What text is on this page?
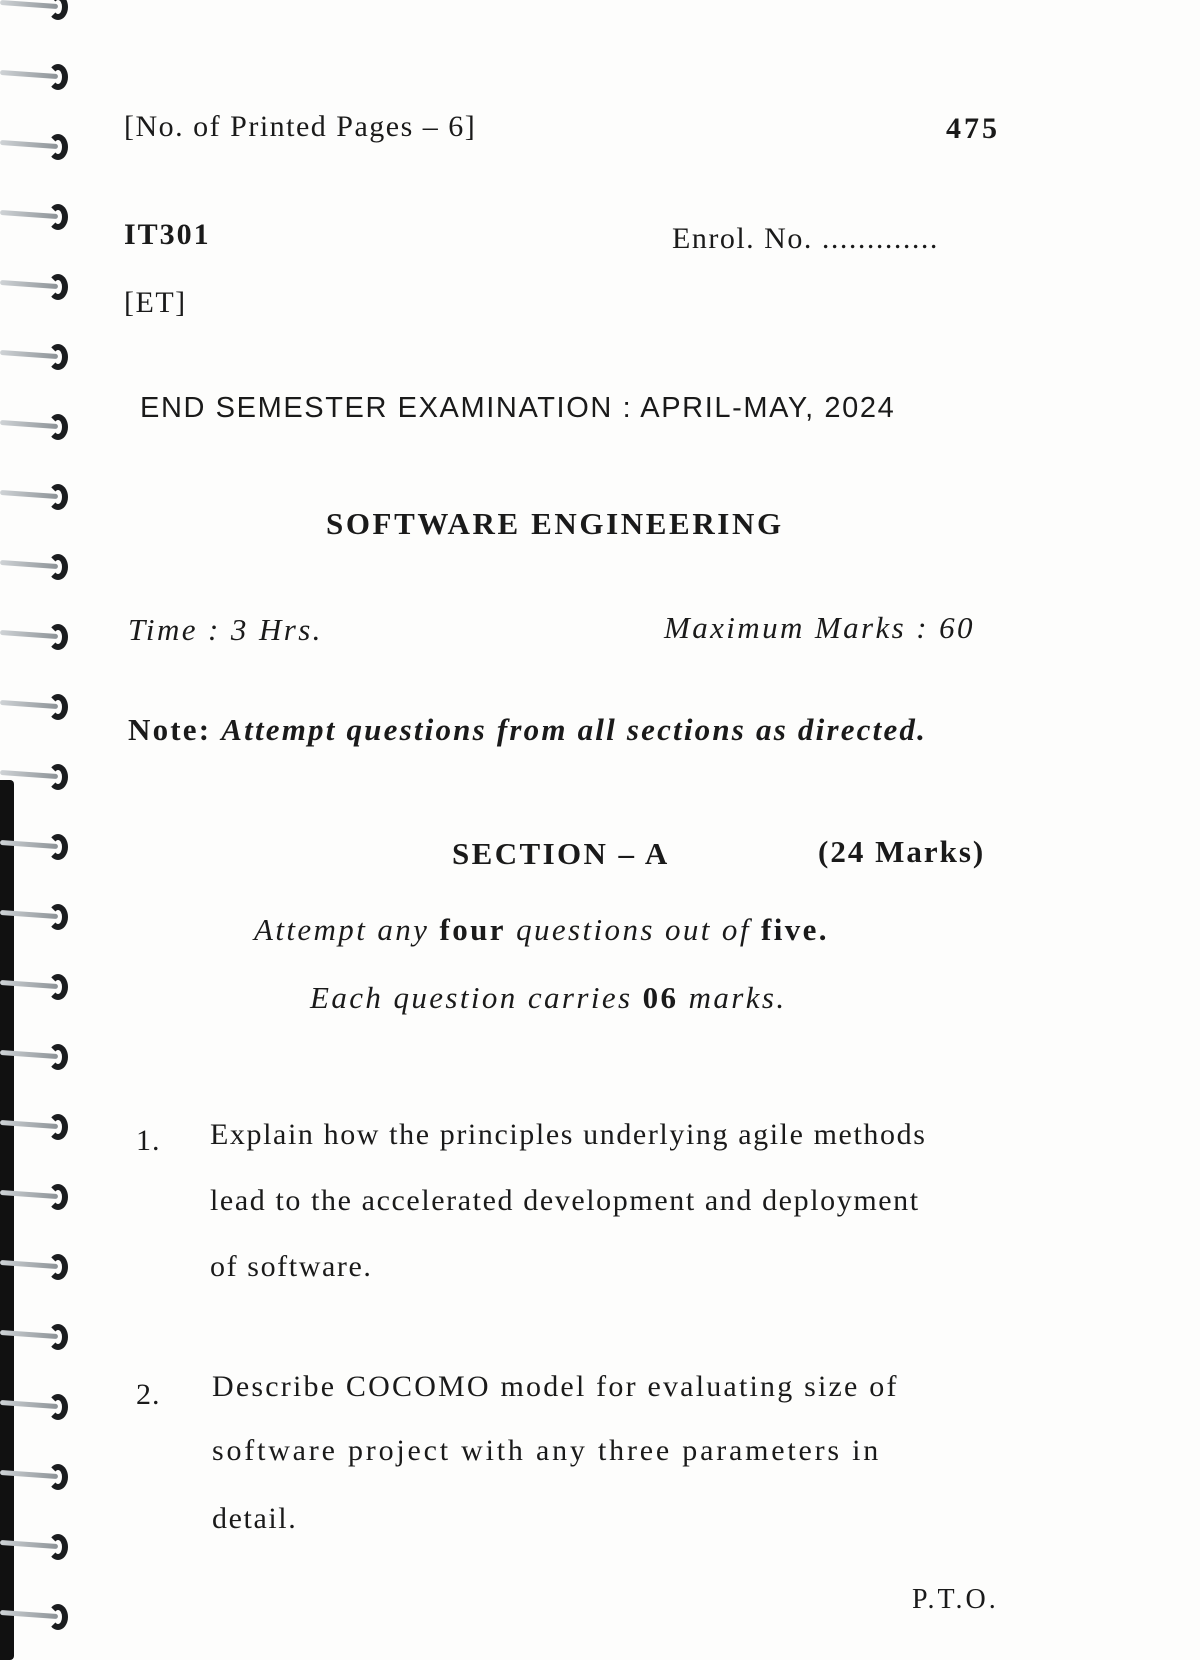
[No. of Printed Pages – 6]	475
IT301	Enrol. No. .............
[ET]
END SEMESTER EXAMINATION : APRIL-MAY, 2024
SOFTWARE ENGINEERING
Time : 3 Hrs.	Maximum Marks : 60
Note: Attempt questions from all sections as directed.
SECTION – A	(24 Marks)
Attempt any four questions out of five.
Each question carries 06 marks.
1. Explain how the principles underlying agile methods
lead to the accelerated development and deployment
of software.
2. Describe COCOMO model for evaluating size of
software project with any three parameters in
detail.
P.T.O.
